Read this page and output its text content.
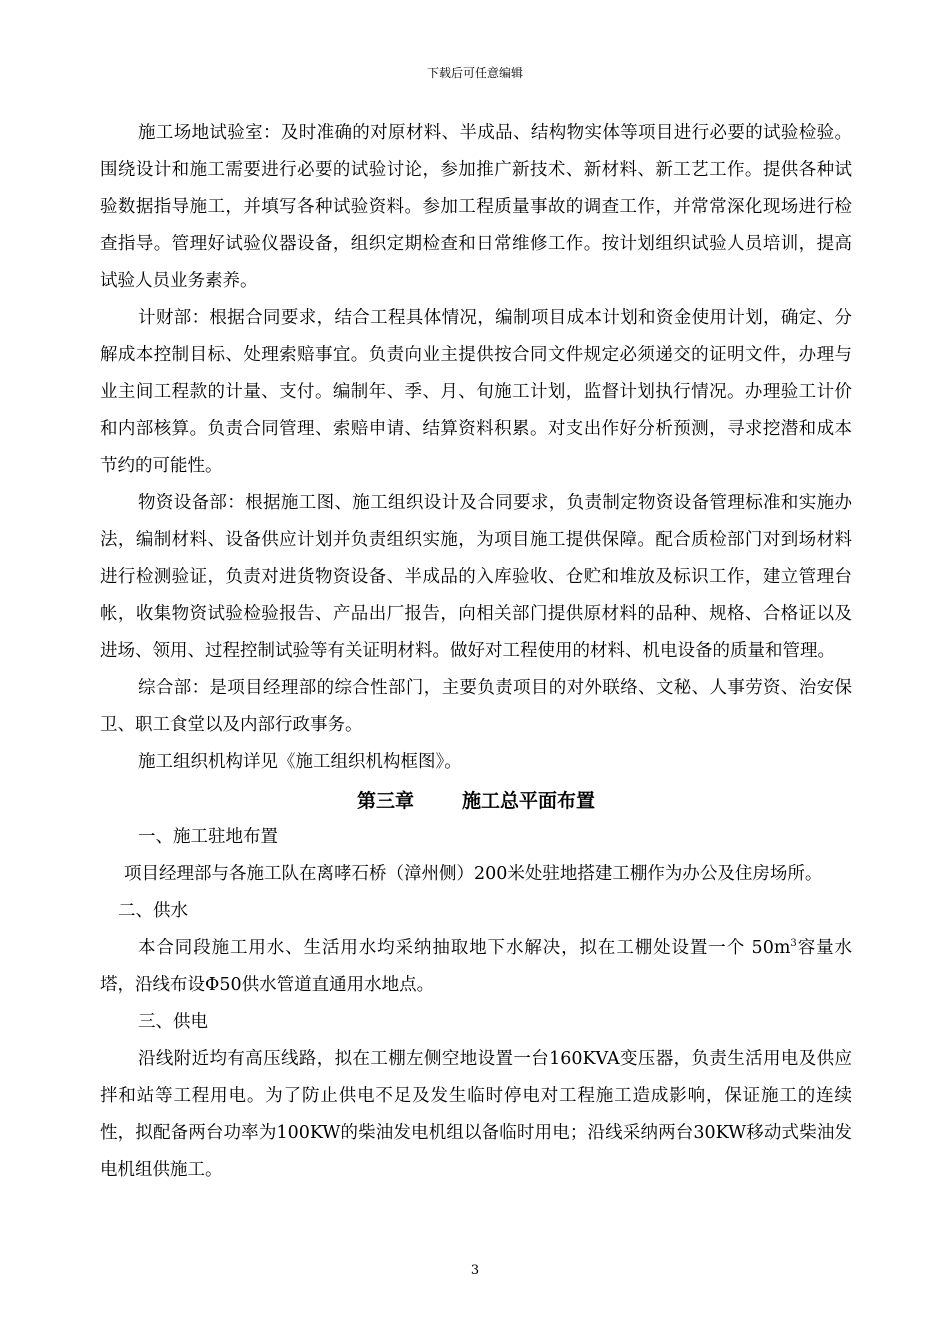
下载后可任意编辑

施工场地试验室：及时准确的对原材料、半成品、结构物实体等项目进行必要的试验检验。围绕设计和施工需要进行必要的试验讨论，参加推广新技术、新材料、新工艺工作。提供各种试验数据指导施工，并填写各种试验资料。参加工程质量事故的调查工作，并常常深化现场进行检查指导。管理好试验仪器设备，组织定期检查和日常维修工作。按计划组织试验人员培训，提高试验人员业务素养。

计财部：根据合同要求，结合工程具体情况，编制项目成本计划和资金使用计划，确定、分解成本控制目标、处理索赔事宜。负责向业主提供按合同文件规定必须递交的证明文件，办理与业主间工程款的计量、支付。编制年、季、月、旬施工计划，监督计划执行情况。办理验工计价和内部核算。负责合同管理、索赔申请、结算资料积累。对支出作好分析预测，寻求挖潜和成本节约的可能性。

物资设备部：根据施工图、施工组织设计及合同要求，负责制定物资设备管理标准和实施办法，编制材料、设备供应计划并负责组织实施，为项目施工提供保障。配合质检部门对到场材料进行检测验证，负责对进货物资设备、半成品的入库验收、仓贮和堆放及标识工作，建立管理台帐，收集物资试验检验报告、产品出厂报告，向相关部门提供原材料的品种、规格、合格证以及进场、领用、过程控制试验等有关证明材料。做好对工程使用的材料、机电设备的质量和管理。

综合部：是项目经理部的综合性部门，主要负责项目的对外联络、文秘、人事劳资、治安保卫、职工食堂以及内部行政事务。

施工组织机构详见《施工组织机构框图》。

第三章	施工总平面布置

一、施工驻地布置

项目经理部与各施工队在离哮石桥（漳州侧）200米处驻地搭建工棚作为办公及住房场所。

二、供水

本合同段施工用水、生活用水均采纳抽取地下水解决，拟在工棚处设置一个 $50m^3$容量水塔，沿线布设Φ50供水管道直通用水地点。

三、供电

沿线附近均有高压线路，拟在工棚左侧空地设置一台160KVA变压器，负责生活用电及供应拌和站等工程用电。为了防止供电不足及发生临时停电对工程施工造成影响，保证施工的连续性，拟配备两台功率为100KW的柴油发电机组以备临时用电；沿线采纳两台30KW移动式柴油发电机组供施工。

3
